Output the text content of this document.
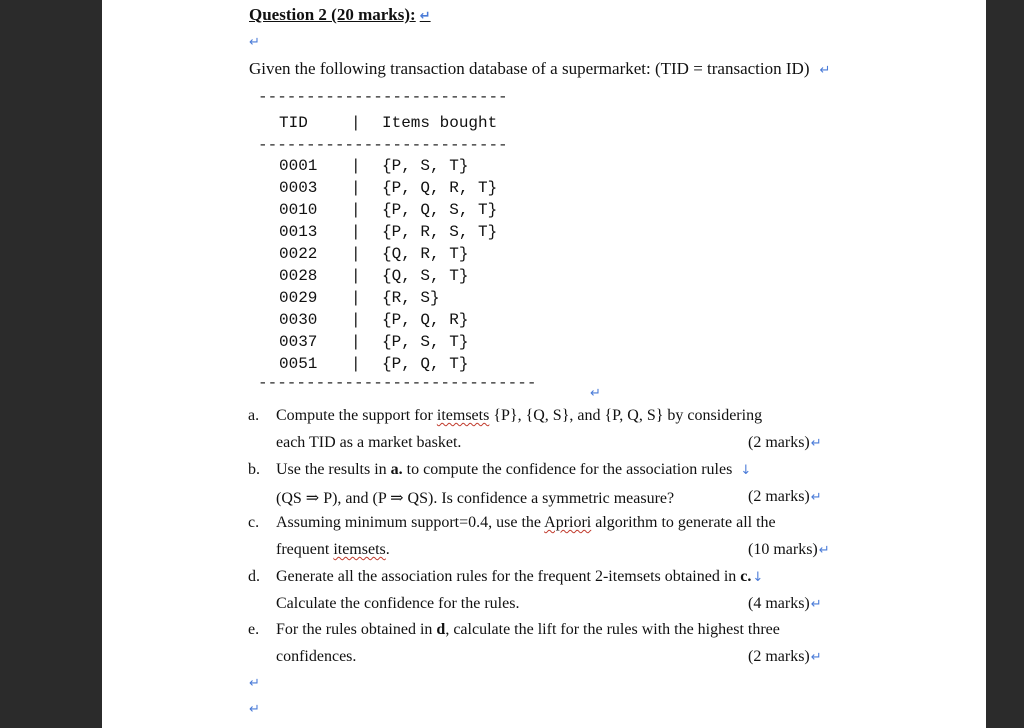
Question 2 (20 marks): ↵
↵
Given the following transaction database of a supermarket: (TID = transaction ID) ↵
--------------------------
TID	| Items bought
--------------------------
0001 | {P, S, T}
0003 | {P, Q, R, T}
0010 | {P, Q, S, T}
0013 | {P, R, S, T}
0022 | {Q, R, T}
0028 | {Q, S, T}
0029 | {R, S}
0030 | {P, Q, R}
0037 | {P, S, T}
0051 | {P, Q, T}
-----------------------------
↵
a. Compute the support for itemsets {P}, {Q, S}, and {P, Q, S} by considering
each TID as a market basket.	(2 marks)↵
b. Use the results in a. to compute the confidence for the association rules ↓
(QS ⇒ P), and (P ⇒ QS). Is confidence a symmetric measure?	(2 marks)↵
c. Assuming minimum support=0.4, use the Apriori algorithm to generate all the
frequent itemsets.	(10 marks)↵
d. Generate all the association rules for the frequent 2-itemsets obtained in c.↓
Calculate the confidence for the rules.	(4 marks)↵
e. For the rules obtained in d, calculate the lift for the rules with the highest three
confidences.	(2 marks)↵
↵
↵
